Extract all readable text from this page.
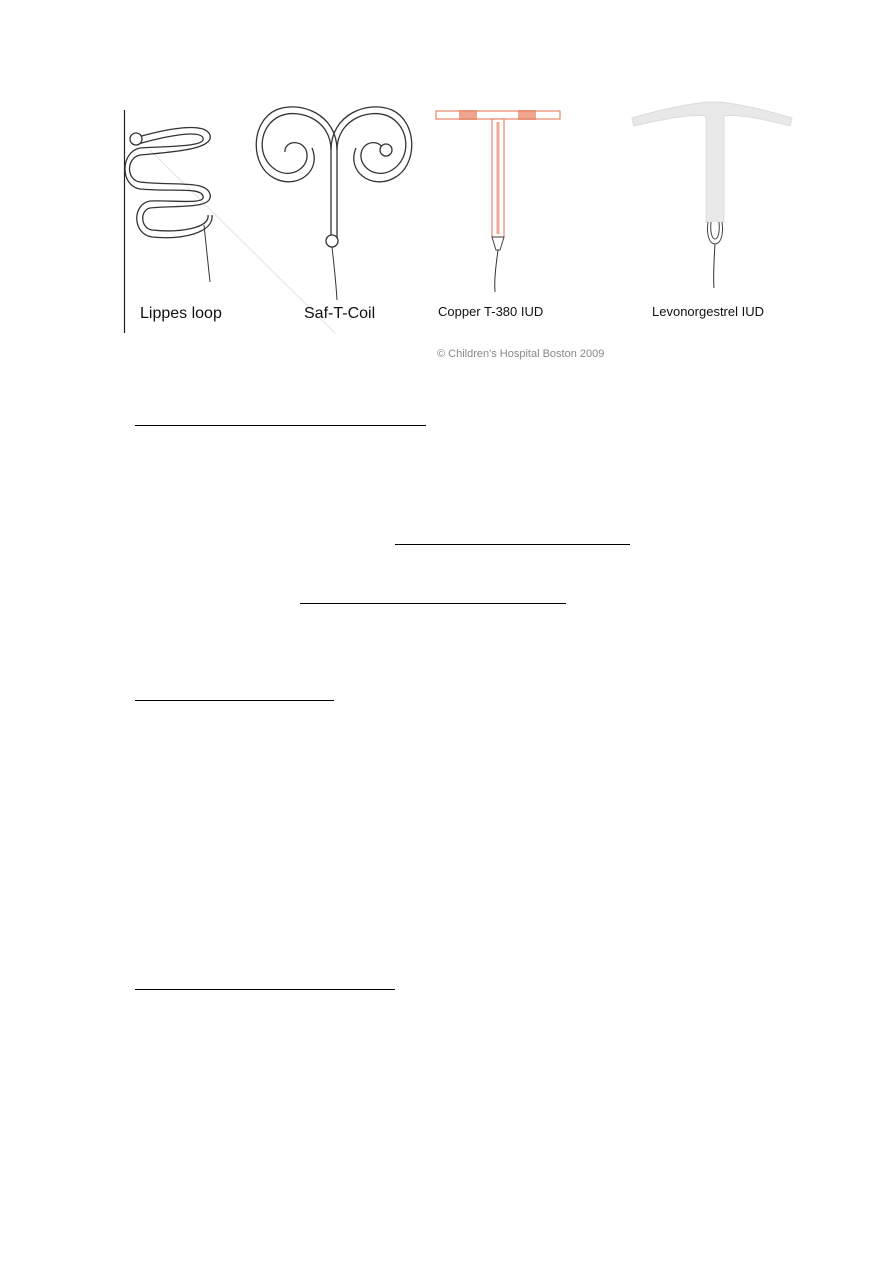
Lippes loop	Saf-T-Coil	Copper T-380 IUD	Levonorgestrel IUD
© Children's Hospital Boston 2009
